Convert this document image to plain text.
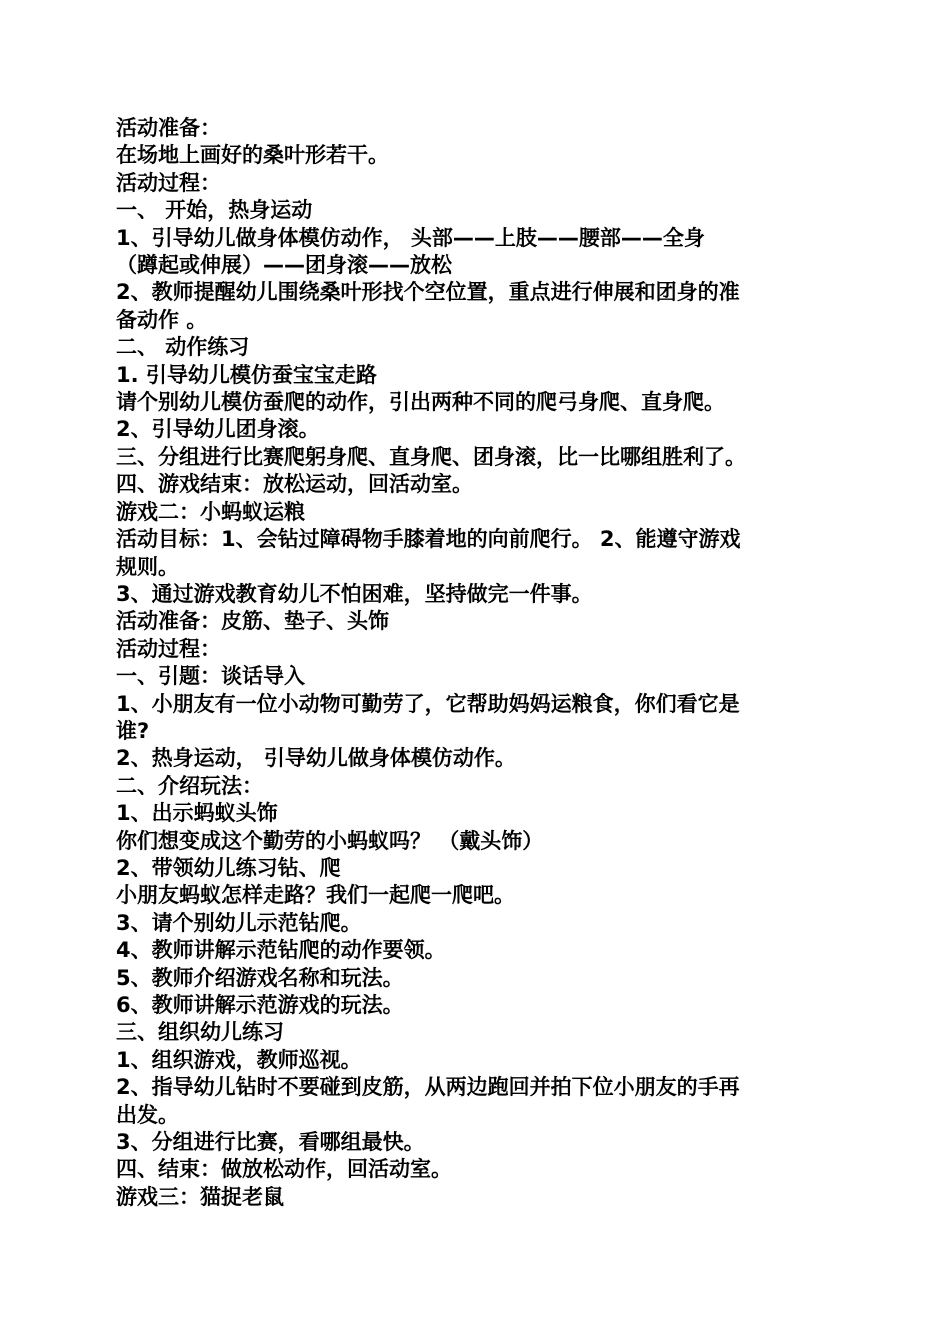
活动准备：
在场地上画好的桑叶形若干。
活动过程：
一、 开始，热身运动
1、引导幼儿做身体模仿动作， 头部——上肢——腰部——全身
（蹲起或伸展）——团身滚——放松
2、教师提醒幼儿围绕桑叶形找个空位置，重点进行伸展和团身的准
备动作 。
二、 动作练习
1. 引导幼儿模仿蚕宝宝走路
请个别幼儿模仿蚕爬的动作，引出两种不同的爬弓身爬、直身爬。
2、引导幼儿团身滚。
三、分组进行比赛爬躬身爬、直身爬、团身滚，比一比哪组胜利了。
四、游戏结束：放松运动，回活动室。
游戏二：小蚂蚁运粮
活动目标：1、会钻过障碍物手膝着地的向前爬行。 2、能遵守游戏
规则。
3、通过游戏教育幼儿不怕困难，坚持做完一件事。
活动准备：皮筋、垫子、头饰
活动过程：
一、引题：谈话导入
1、小朋友有一位小动物可勤劳了，它帮助妈妈运粮食，你们看它是
谁?
2、热身运动， 引导幼儿做身体模仿动作。
二、介绍玩法：
1、出示蚂蚁头饰
你们想变成这个勤劳的小蚂蚁吗？ （戴头饰）
2、带领幼儿练习钻、爬
小朋友蚂蚁怎样走路？我们一起爬一爬吧。
3、请个别幼儿示范钻爬。
4、教师讲解示范钻爬的动作要领。
5、教师介绍游戏名称和玩法。
6、教师讲解示范游戏的玩法。
三、组织幼儿练习
1、组织游戏，教师巡视。
2、指导幼儿钻时不要碰到皮筋，从两边跑回并拍下位小朋友的手再
出发。
3、分组进行比赛，看哪组最快。
四、结束：做放松动作，回活动室。
游戏三：猫捉老鼠
